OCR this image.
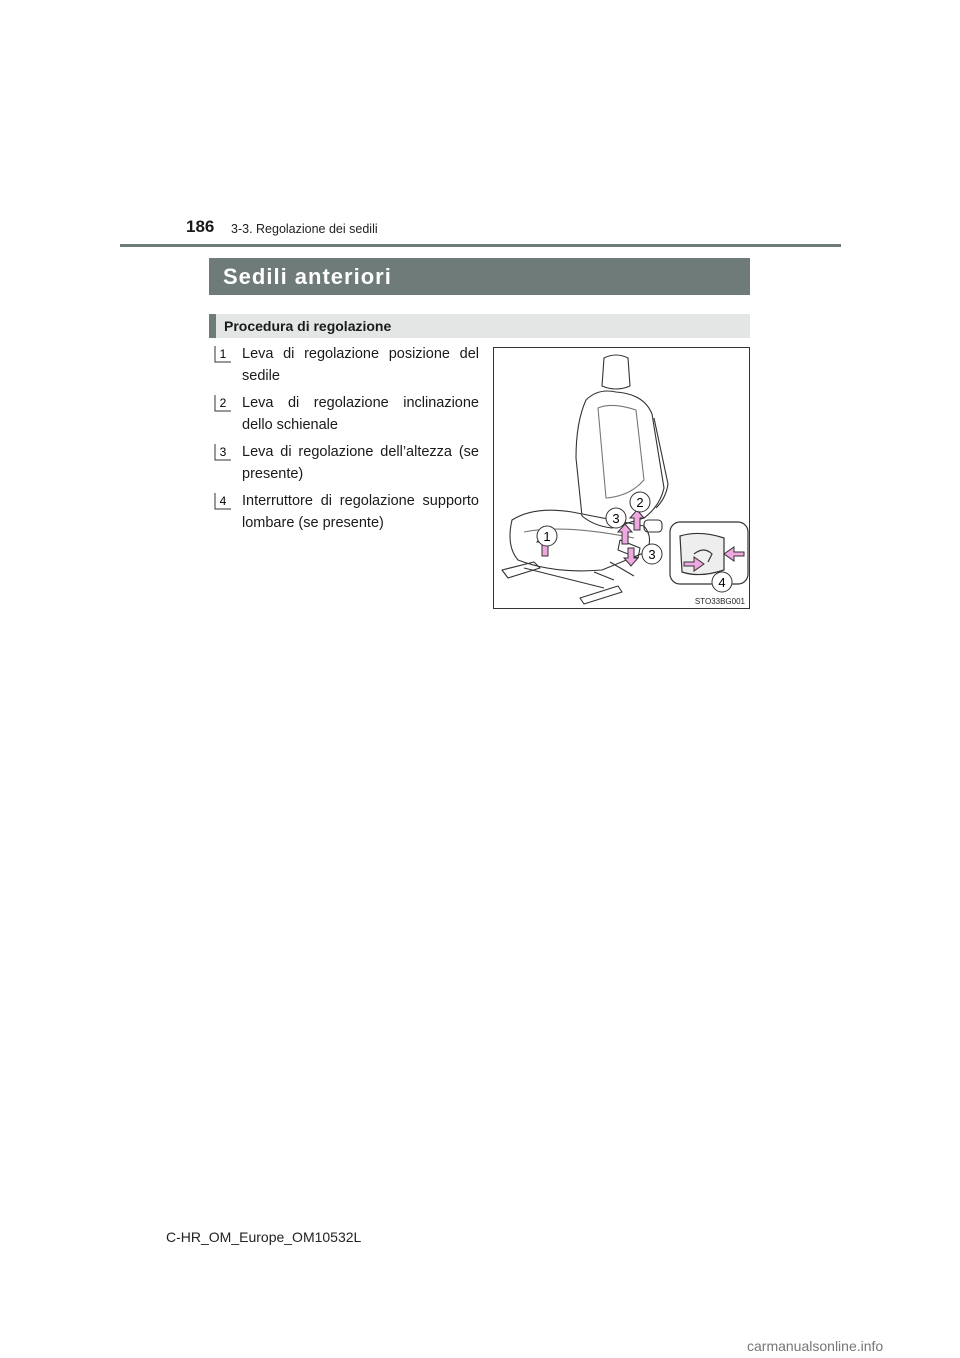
186 3-3. Regolazione dei sedili
Sedili anteriori
Procedura di regolazione
1 Leva di regolazione posizione del sedile
2 Leva di regolazione inclinazione dello schienale
3 Leva di regolazione dell’altezza (se presente)
4 Interruttore di regolazione supporto lombare (se presente)
1
2
3
3
4
STO33BG001
C-HR_OM_Europe_OM10532L
carmanualsonline.info
